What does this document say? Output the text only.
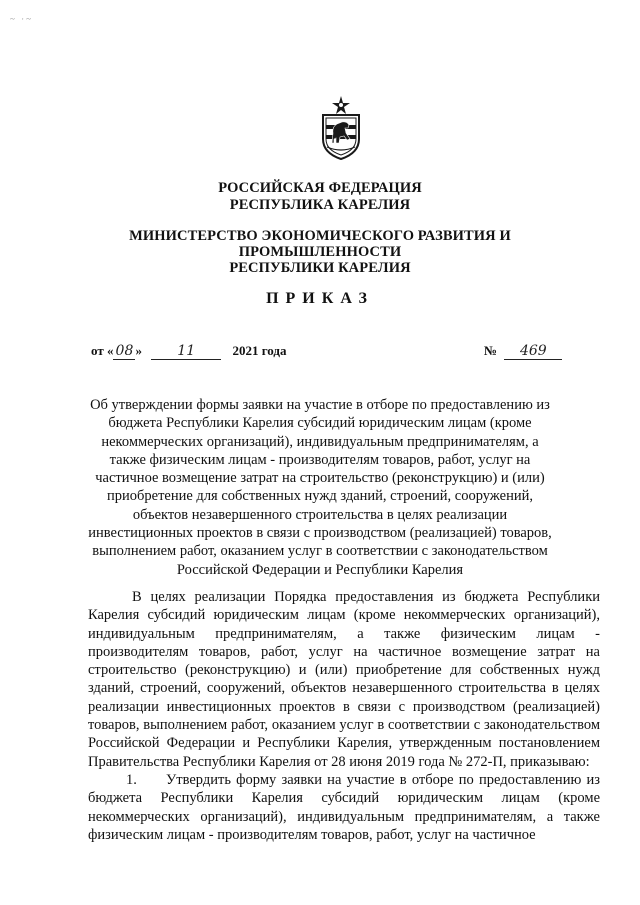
~ ·~
РОССИЙСКАЯ ФЕДЕРАЦИЯ
РЕСПУБЛИКА КАРЕЛИЯ
МИНИСТЕРСТВО ЭКОНОМИЧЕСКОГО РАЗВИТИЯ И
ПРОМЫШЛЕННОСТИ
РЕСПУБЛИКИ КАРЕЛИЯ
ПРИКАЗ
от « 08 »	11	2021 года	№ 469
Об утверждении формы заявки на участие в отборе по предоставлению из бюджета Республики Карелия субсидий юридическим лицам (кроме некоммерческих организаций), индивидуальным предпринимателям, а также физическим лицам - производителям товаров, работ, услуг на частичное возмещение затрат на строительство (реконструкцию) и (или) приобретение для собственных нужд зданий, строений, сооружений, объектов незавершенного строительства в целях реализации инвестиционных проектов в связи с производством (реализацией) товаров, выполнением работ, оказанием услуг в соответствии с законодательством Российской Федерации и Республики Карелия

В целях реализации Порядка предоставления из бюджета Республики Карелия субсидий юридическим лицам (кроме некоммерческих организаций), индивидуальным предпринимателям, а также физическим лицам - производителям товаров, работ, услуг на частичное возмещение затрат на строительство (реконструкцию) и (или) приобретение для собственных нужд зданий, строений, сооружений, объектов незавершенного строительства в целях реализации инвестиционных проектов в связи с производством (реализацией) товаров, выполнением работ, оказанием услуг в соответствии с законодательством Российской Федерации и Республики Карелия, утвержденным постановлением Правительства Республики Карелия от 28 июня 2019 года № 272-П, приказываю:

1. Утвердить форму заявки на участие в отборе по предоставлению из бюджета Республики Карелия субсидий юридическим лицам (кроме некоммерческих организаций), индивидуальным предпринимателям, а также физическим лицам - производителям товаров, работ, услуг на частичное
